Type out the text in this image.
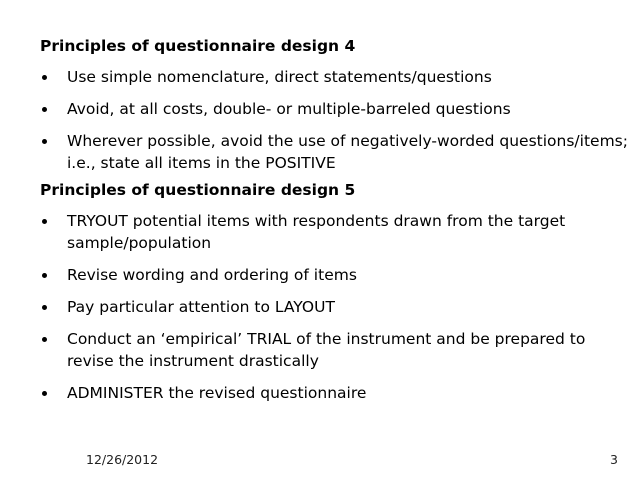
Principles of questionnaire design 4
Use simple nomenclature, direct statements/questions
Avoid, at all costs, double- or multiple-barreled questions
Wherever possible, avoid the use of negatively-worded questions/items; i.e., state all items in the POSITIVE
Principles of questionnaire design 5
TRYOUT potential items with respondents drawn from the target sample/population
Revise wording and ordering of items
Pay particular attention to LAYOUT
Conduct an ‘empirical’ TRIAL of the instrument and be prepared to revise the instrument drastically
ADMINISTER the revised questionnaire
12/26/2012	3
